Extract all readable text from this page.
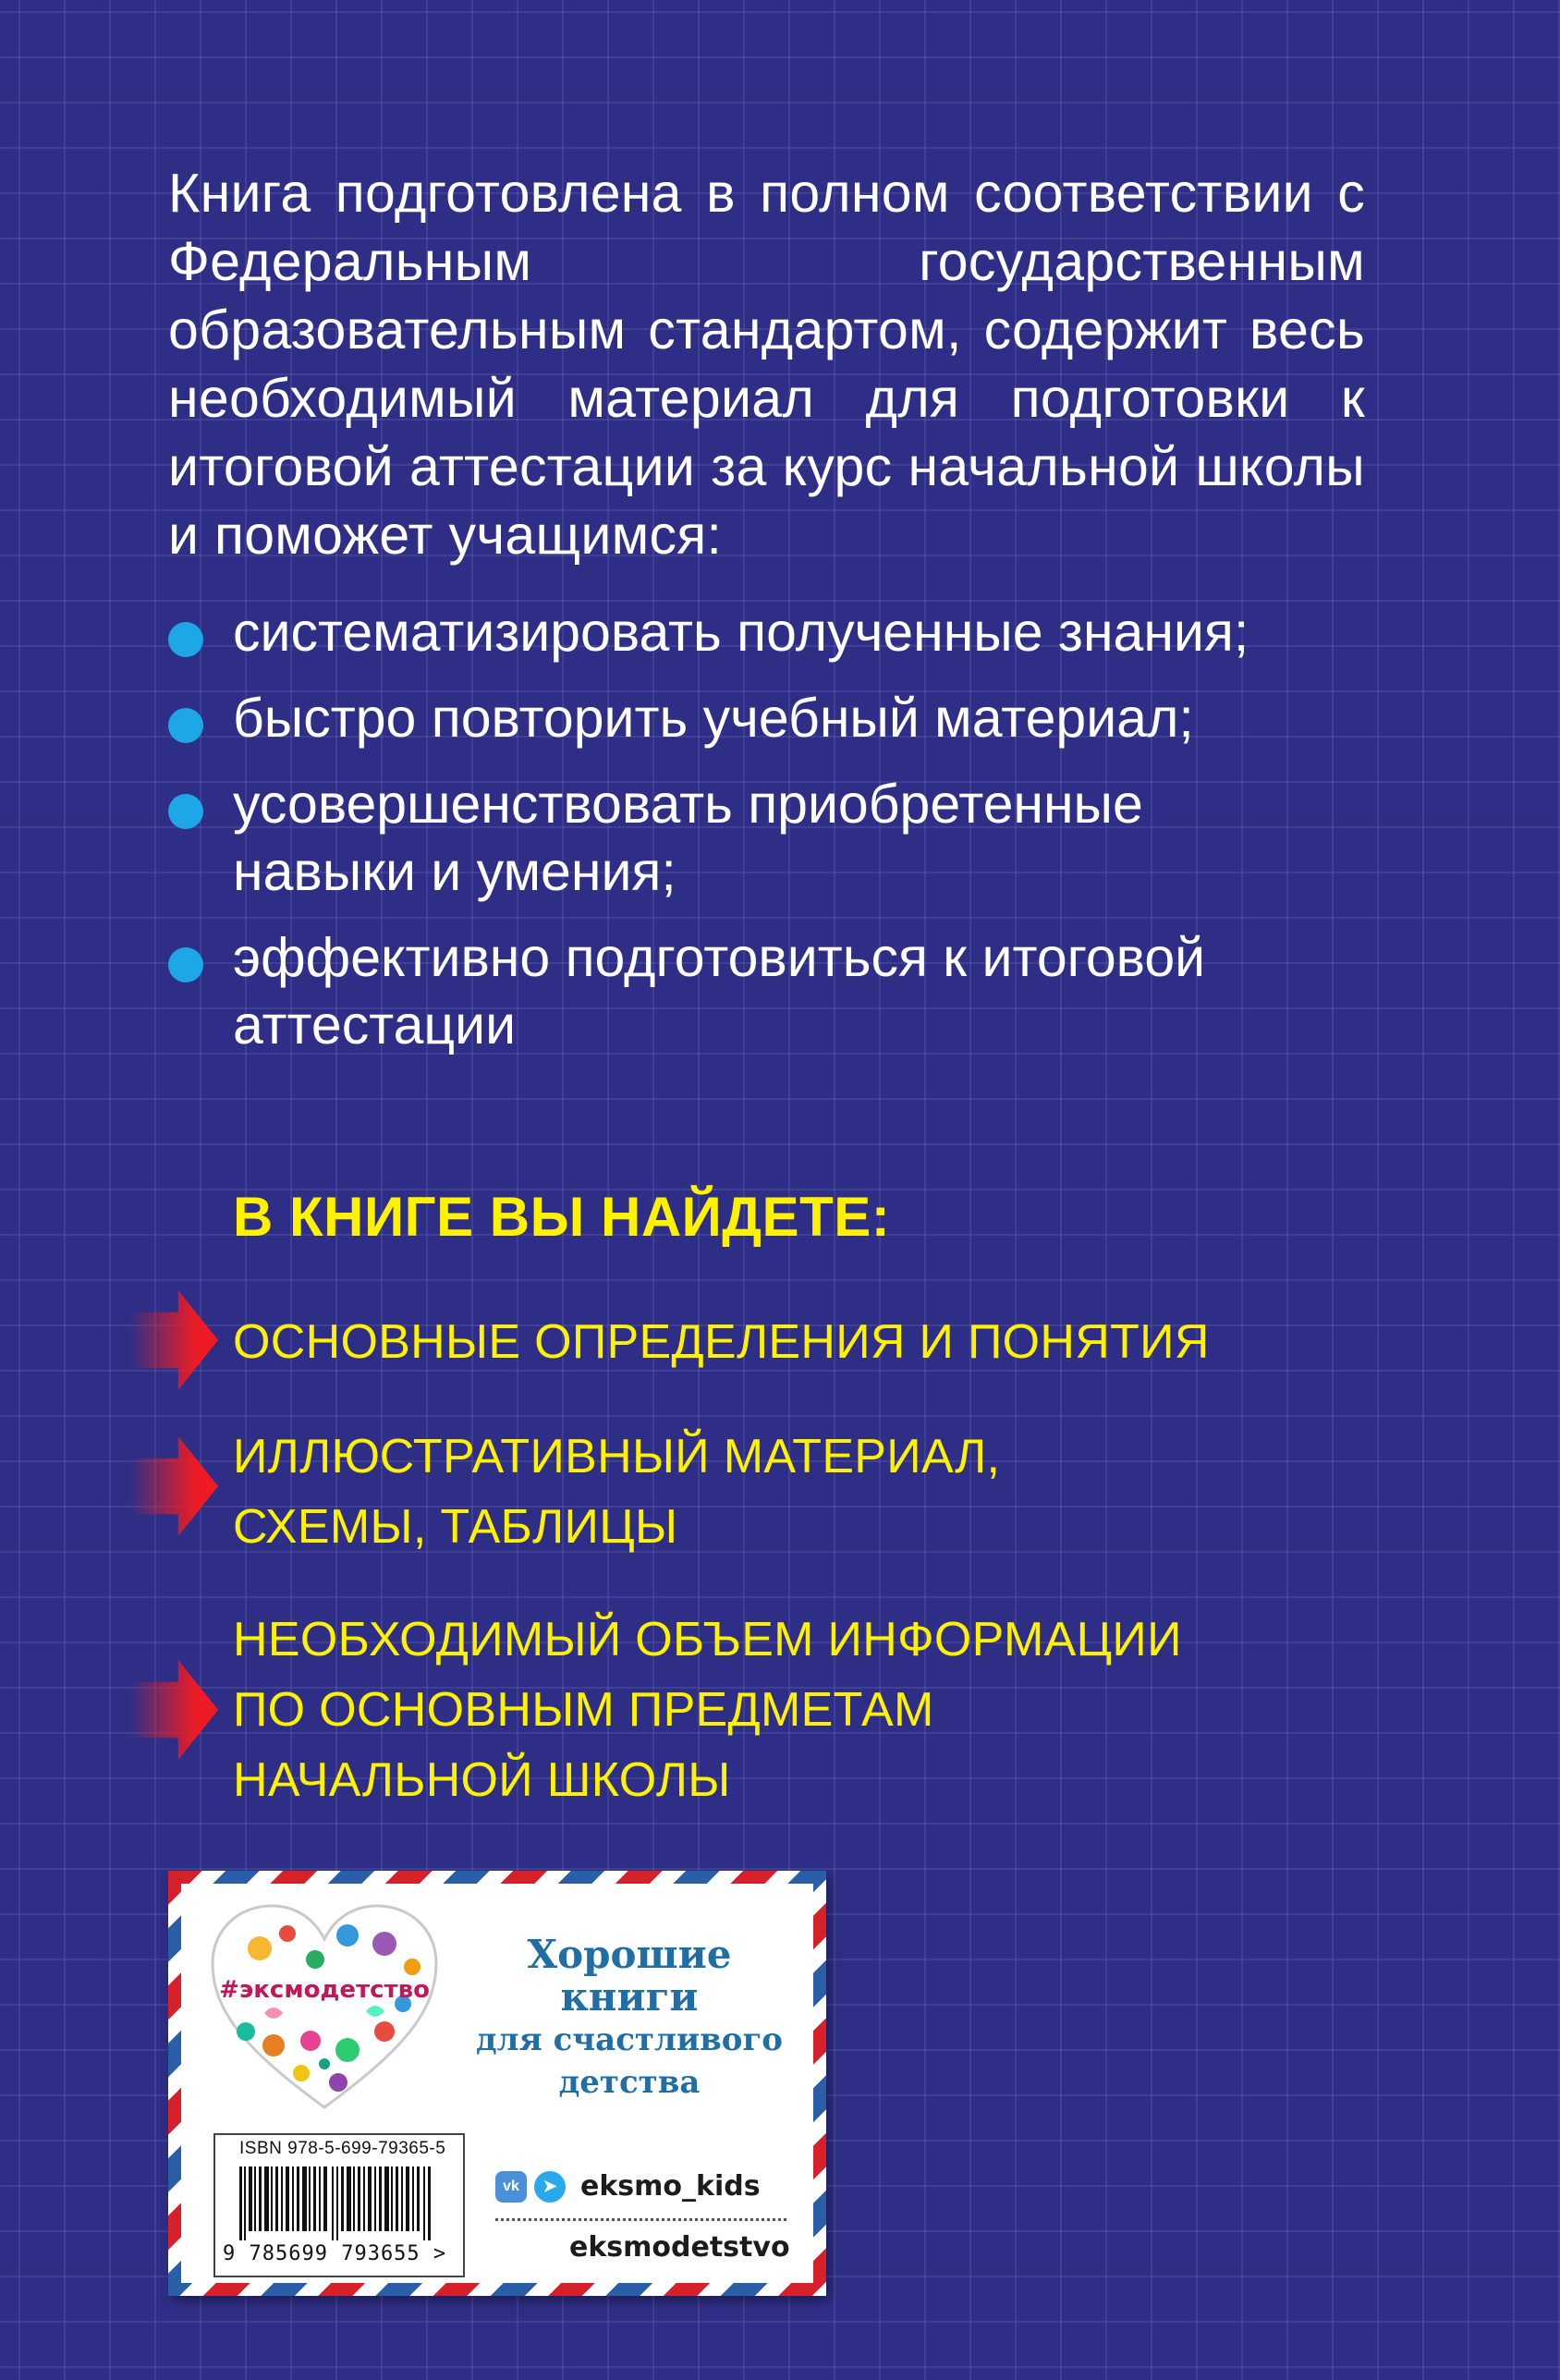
Книга подготовлена в полном соответствии с Федеральным государственным образовательным стандартом, содержит весь необходимый материал для подготовки к итоговой аттестации за курс начальной школы и поможет учащимся:

систематизировать полученные знания;
быстро повторить учебный материал;
усовершенствовать приобретенные навыки и умения;
эффективно подготовиться к итоговой аттестации
В КНИГЕ ВЫ НАЙДЕТЕ:
ОСНОВНЫЕ ОПРЕДЕЛЕНИЯ И ПОНЯТИЯ
ИЛЛЮСТРАТИВНЫЙ МАТЕРИАЛ,
СХЕМЫ, ТАБЛИЦЫ
НЕОБХОДИМЫЙ ОБЪЕМ ИНФОРМАЦИИ
ПО ОСНОВНЫМ ПРЕДМЕТАМ
НАЧАЛЬНОЙ ШКОЛЫ
#эксмодетство

Хорошие
книги
для счастливого
детства

vk	➤ eksmo_kids
eksmodetstvo
ISBN 978-5-699-79365-5
9 785699 793655 >
